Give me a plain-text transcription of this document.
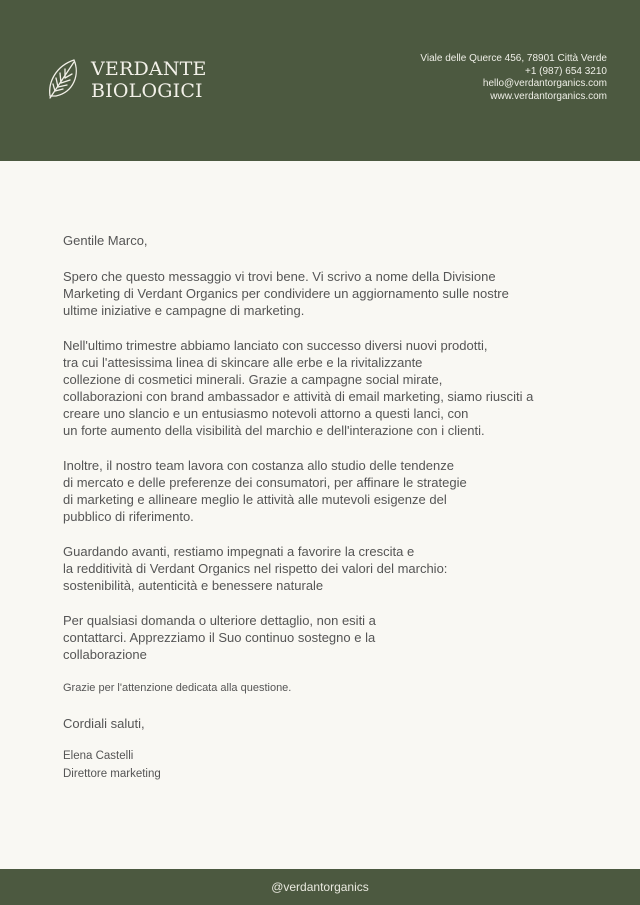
VERDANTE
BIOLOGICI
Viale delle Querce 456, 78901 Città Verde
+1 (987) 654 3210
hello@verdantorganics.com
www.verdantorganics.com

Gentile Marco,

Spero che questo messaggio vi trovi bene. Vi scrivo a nome della Divisione
Marketing di Verdant Organics per condividere un aggiornamento sulle nostre
ultime iniziative e campagne di marketing.

Nell'ultimo trimestre abbiamo lanciato con successo diversi nuovi prodotti,
tra cui l'attesissima linea di skincare alle erbe e la rivitalizzante
collezione di cosmetici minerali. Grazie a campagne social mirate,
collaborazioni con brand ambassador e attività di email marketing, siamo riusciti a
creare uno slancio e un entusiasmo notevoli attorno a questi lanci, con
un forte aumento della visibilità del marchio e dell'interazione con i clienti.

Inoltre, il nostro team lavora con costanza allo studio delle tendenze
di mercato e delle preferenze dei consumatori, per affinare le strategie
di marketing e allineare meglio le attività alle mutevoli esigenze del
pubblico di riferimento.

Guardando avanti, restiamo impegnati a favorire la crescita e
la redditività di Verdant Organics nel rispetto dei valori del marchio:
sostenibilità, autenticità e benessere naturale

Per qualsiasi domanda o ulteriore dettaglio, non esiti a
contattarci. Apprezziamo il Suo continuo sostegno e la
collaborazione

Grazie per l'attenzione dedicata alla questione.

Cordiali saluti,

Elena Castelli
Direttore marketing
@verdantorganics
